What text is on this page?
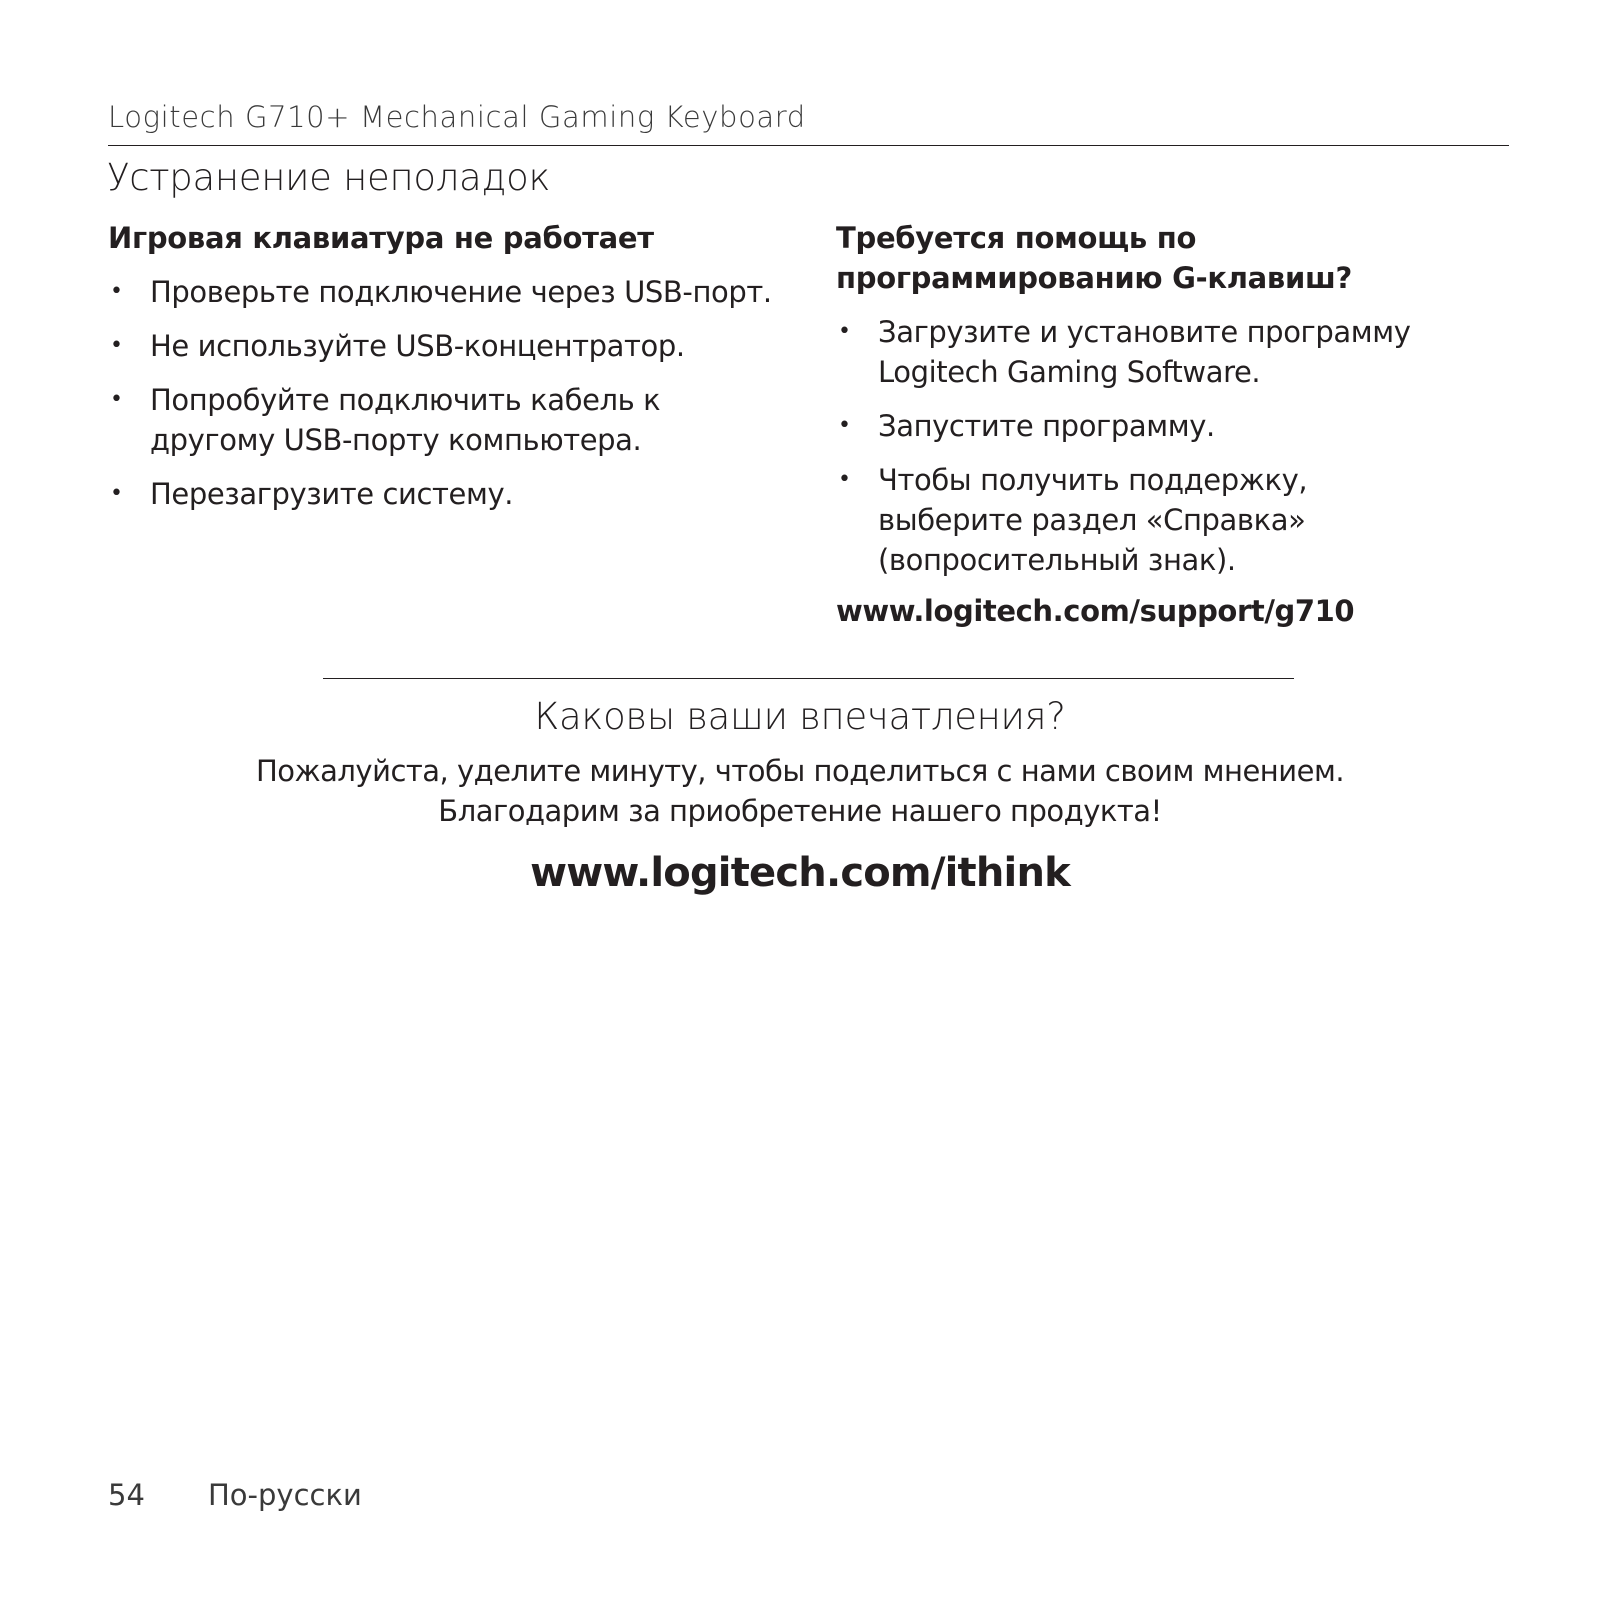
Logitech G710+ Mechanical Gaming Keyboard
Устранение неполадок
Игровая клавиатура не работает
• Проверьте подключение через USB-порт.
• Не используйте USB-концентратор.
• Попробуйте подключить кабель к другому USB-порту компьютера.
• Перезагрузите систему.
Требуется помощь по программированию G-клавиш?
• Загрузите и установите программу Logitech Gaming Software.
• Запустите программу.
• Чтобы получить поддержку, выберите раздел «Справка» (вопросительный знак).
www.logitech.com/support/g710
Каковы ваши впечатления?
Пожалуйста, уделите минуту, чтобы поделиться с нами своим мнением.
Благодарим за приобретение нашего продукта!
www.logitech.com/ithink
54 По-русски
